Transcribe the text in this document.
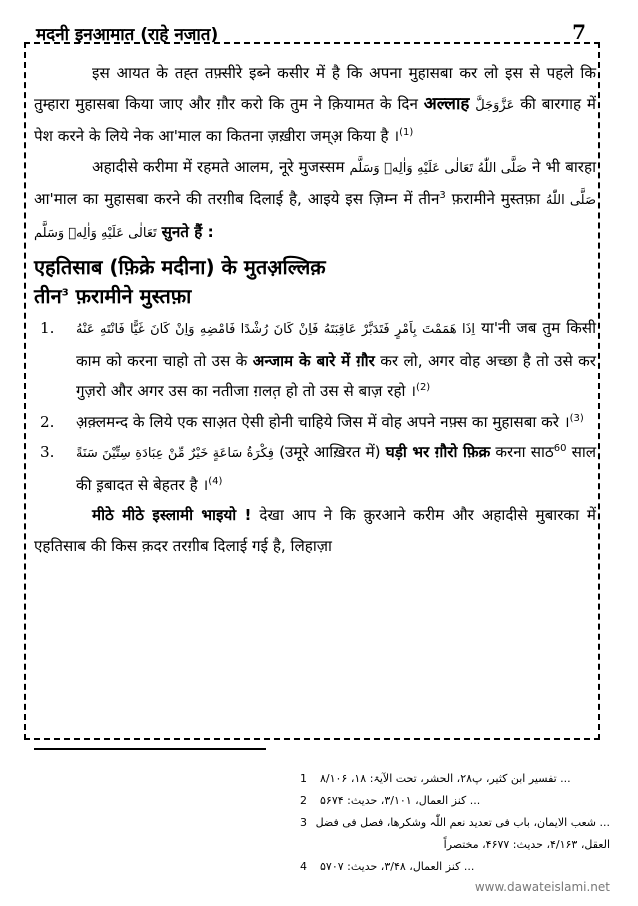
मदनी इनआमात (राहे नजात)	7

इस आयत के तह्त तफ़्सीरे इब्ने कसीर में है कि अपना मुहासबा कर लो इस से पहले कि तुम्हारा मुहासबा किया जाए और ग़ौर करो कि तुम ने क़ियामत के दिन अल्लाह عَزَّوَجَلَّ की बारगाह में पेश करने के लिये नेक आ'माल का कितना ज़ख़ीरा जम्अ़ किया है ।$^{(1)}$

अहादीसे करीमा में रहमते आलम, नूरे मुजस्सम صَلَّى اللّٰهُ تَعَالٰى عَلَيْهِ وَاٰلِهٖ وَسَلَّم ने भी बारहा आ'माल का मुहासबा करने की तरग़ीब दिलाई है, आइये इस ज़िम्न में तीन$^3$ फ़रामीने मुस्तफ़ा صَلَّى اللّٰهُ تَعَالٰى عَلَيْهِ وَاٰلِهٖ وَسَلَّم सुनते हैं :

एहतिसाब (फ़िक्रे मदीना) के मुतअ़ल्लिक़

तीन$^3$ फ़रामीने मुस्तफ़ा

1.	اِذَا هَمَمْتَ بِاَمْرٍ فَتَدَبَّرْ عَاقِبَتَهُ فَاِنْ كَانَ رُشْدًا فَامْضِهِ وَاِنْ كَانَ غَيًّا فَانْتَهِ عَنْهُ या'नी जब तुम किसी काम को करना चाहो तो उस के अन्जाम के बारे में ग़ौर कर लो, अगर वोह अच्छा है तो उसे कर गुज़रो और अगर उस का नतीजा ग़लत़ हो तो उस से बाज़ रहो ।$^{(2)}$

2.	अ़क़्लमन्द के लिये एक साअ़त ऐसी होनी चाहिये जिस में वोह अपने नफ़्स का मुहासबा करे ।$^{(3)}$

3.	فِكْرَةُ سَاعَةٍ خَيْرٌ مِّنْ عِبَادَةِ سِتِّيْنَ سَنَةً (उमूरे आख़िरत में) घड़ी भर ग़ौरो फ़िक्र करना साठ$^{60}$ साल की इ़बादत से बेहतर है ।$^{(4)}$

मीठे मीठे इस्लामी भाइयो ! देखा आप ने कि क़ुरआने करीम और अहादीसे मुबारका में एहतिसाब की किस क़दर तरग़ीब दिलाई गई है, लिहाज़ा

... تفسیر ابن کثیر، پ۲۸، الحشر، تحت الآیۃ: ۱۸، ۸/۱۰۶
1
... کنز العمال، ۳/۱۰۱، حدیث: ۵۶۷۴
2
... شعب الایمان، باب فی تعدید نعم اللّٰہ وشکرھا، فصل فی فضل العقل، ۴/۱۶۳، حدیث: ۴۶۷۷، مختصراً
3
... کنز العمال، ۳/۴۸، حدیث: ۵۷۰۷
4
www.dawateislami.net
